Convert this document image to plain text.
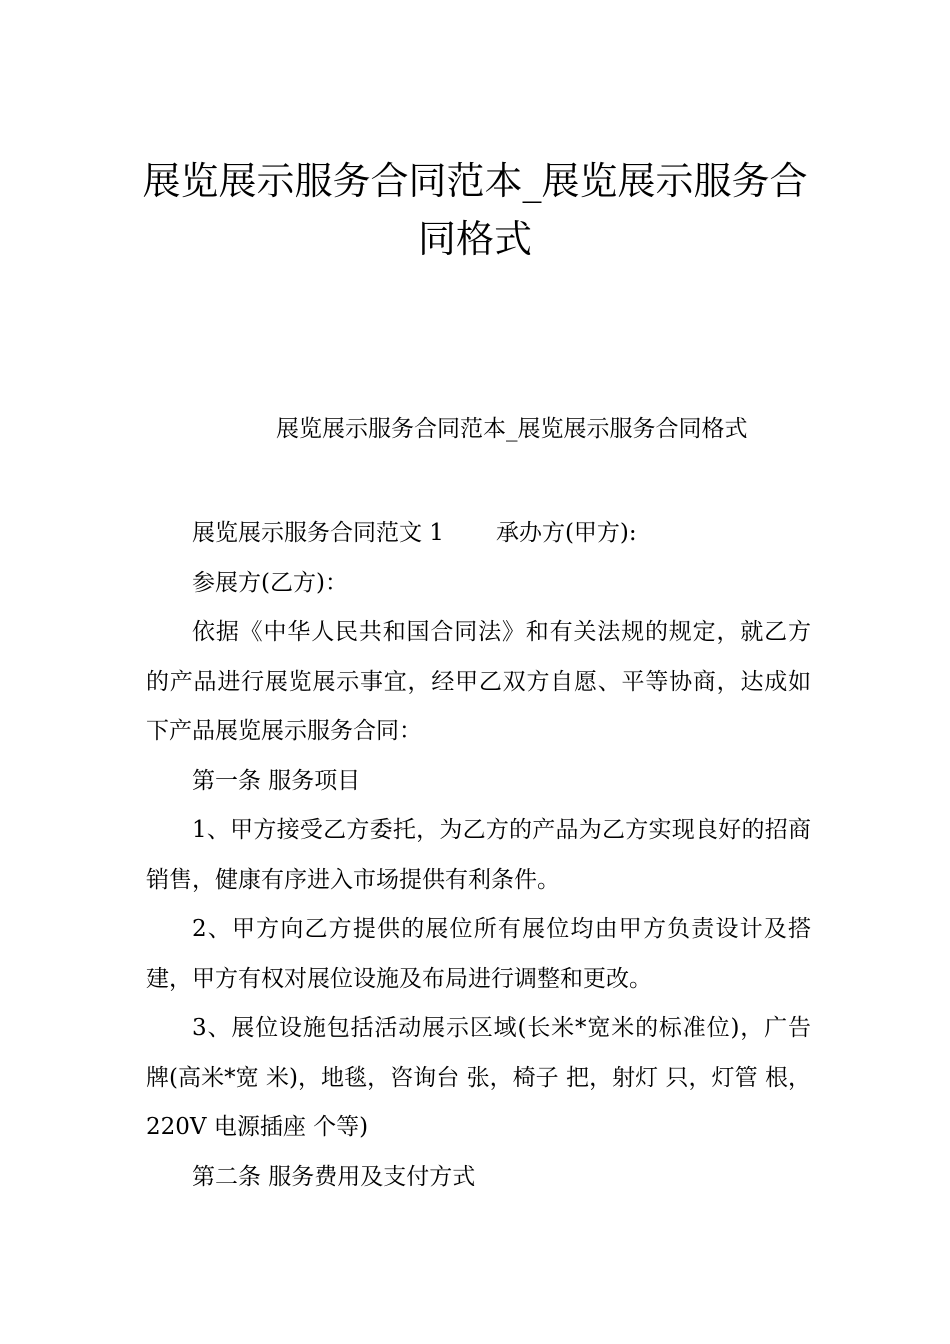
展览展示服务合同范本_展览展示服务合同格式

展览展示服务合同范本_展览展示服务合同格式

展览展示服务合同范文 1 承办方(甲方):

参展方(乙方)：

依据《中华人民共和国合同法》和有关法规的规定，就乙方的产品进行展览展示事宜，经甲乙双方自愿、平等协商，达成如下产品展览展示服务合同：

第一条 服务项目

1、甲方接受乙方委托，为乙方的产品为乙方实现良好的招商销售，健康有序进入市场提供有利条件。

2、甲方向乙方提供的展位所有展位均由甲方负责设计及搭建，甲方有权对展位设施及布局进行调整和更改。

3、展位设施包括活动展示区域(长米*宽米的标准位)，广告牌(高米*宽 米)，地毯，咨询台 张，椅子 把，射灯 只，灯管 根，220V 电源插座 个等)

第二条 服务费用及支付方式
